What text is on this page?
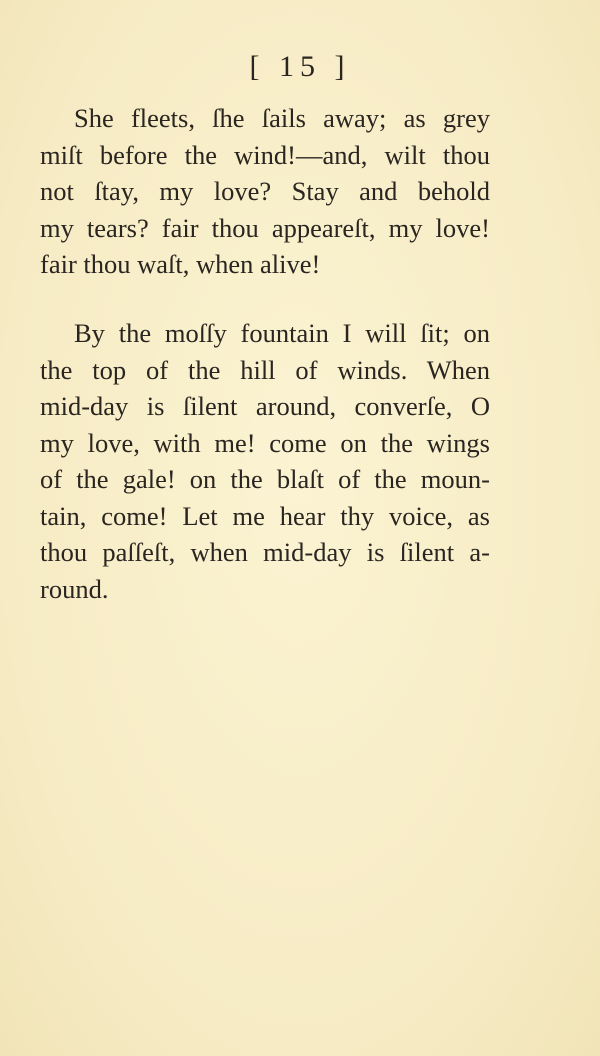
[ 15 ]
She fleets, ſhe ſails away; as grey
miſt before the wind!—and, wilt thou
not ſtay, my love? Stay and behold
my tears? fair thou appeareſt, my love!
fair thou waſt, when alive!
By the moſſy fountain I will ſit; on
the top of the hill of winds. When
mid-day is ſilent around, converſe, O
my love, with me! come on the wings
of the gale! on the blaſt of the moun-
tain, come! Let me hear thy voice, as
thou paſſeſt, when mid-day is ſilent a-
round.
